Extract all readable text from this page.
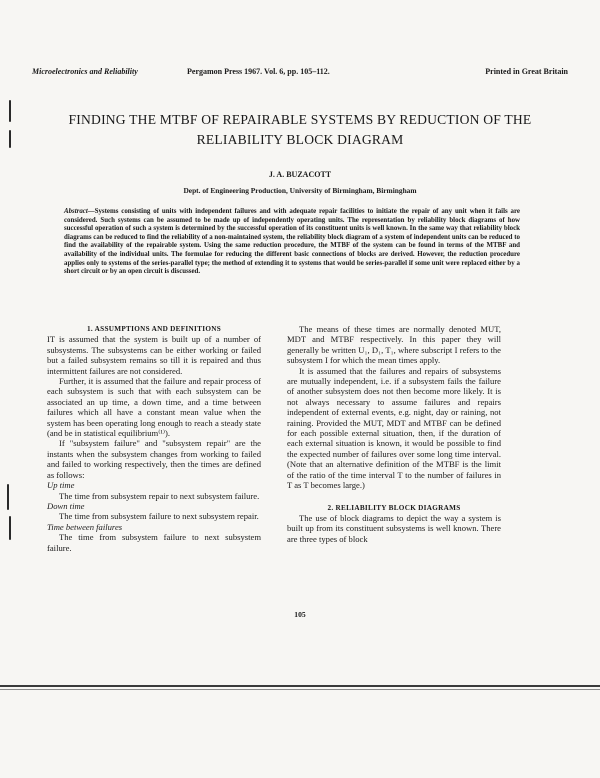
Microelectronics and Reliability	Pergamon Press 1967. Vol. 6, pp. 105–112.	Printed in Great Britain
FINDING THE MTBF OF REPAIRABLE SYSTEMS BY REDUCTION OF THE RELIABILITY BLOCK DIAGRAM
J. A. BUZACOTT
Dept. of Engineering Production, University of Birmingham, Birmingham

Abstract—Systems consisting of units with independent failures and with adequate repair facilities to initiate the repair of any unit when it fails are considered. Such systems can be assumed to be made up of independently operating units. The representation by reliability block diagrams of how successful operation of such a system is determined by the successful operation of its constituent units is well known. In the same way that reliability block diagrams can be reduced to find the reliability of a non-maintained system, the reliability block diagram of a system of independent units can be reduced to find the availability of the repairable system. Using the same reduction procedure, the MTBF of the system can be found in terms of the MTBF and availability of the individual units. The formulae for reducing the different basic connections of blocks are derived. However, the reduction procedure applies only to systems of the series-parallel type; the method of extending it to systems that would be series-parallel if some unit were replaced either by a short circuit or by an open circuit is discussed.

1. ASSUMPTIONS AND DEFINITIONS

IT is assumed that the system is built up of a number of subsystems. The subsystems can be either working or failed but a failed subsystem remains so till it is repaired and thus intermittent failures are not considered.

Further, it is assumed that the failure and repair process of each subsystem is such that with each subsystem can be associated an up time, a down time, and a time between failures which all have a constant mean value when the system has been operating long enough to reach a steady state (and be in statistical equilibrium⁽¹⁾).

If "subsystem failure" and "subsystem repair" are the instants when the subsystem changes from working to failed and failed to working respectively, then the times are defined as follows:

Up time

The time from subsystem repair to next subsystem failure.

Down time

The time from subsystem failure to next subsystem repair.

Time between failures

The time from subsystem failure to next subsystem failure.

The means of these times are normally denoted MUT, MDT and MTBF respectively. In this paper they will generally be written U₁, D₁, T₁, where subscript I refers to the subsystem I for which the mean times apply.

It is assumed that the failures and repairs of subsystems are mutually independent, i.e. if a subsystem fails the failure of another subsystem does not then become more likely. It is not always necessary to assume failures and repairs independent of external events, e.g. night, day or raining, not raining. Provided the MUT, MDT and MTBF can be defined for each possible external situation, then, if the duration of each external situation is known, it would be possible to find the expected number of failures over some long time interval. (Note that an alternative definition of the MTBF is the limit of the ratio of the time interval T to the number of failures in T as T becomes large.)

2. RELIABILITY BLOCK DIAGRAMS

The use of block diagrams to depict the way a system is built up from its constituent subsystems is well known. There are three types of block

105
